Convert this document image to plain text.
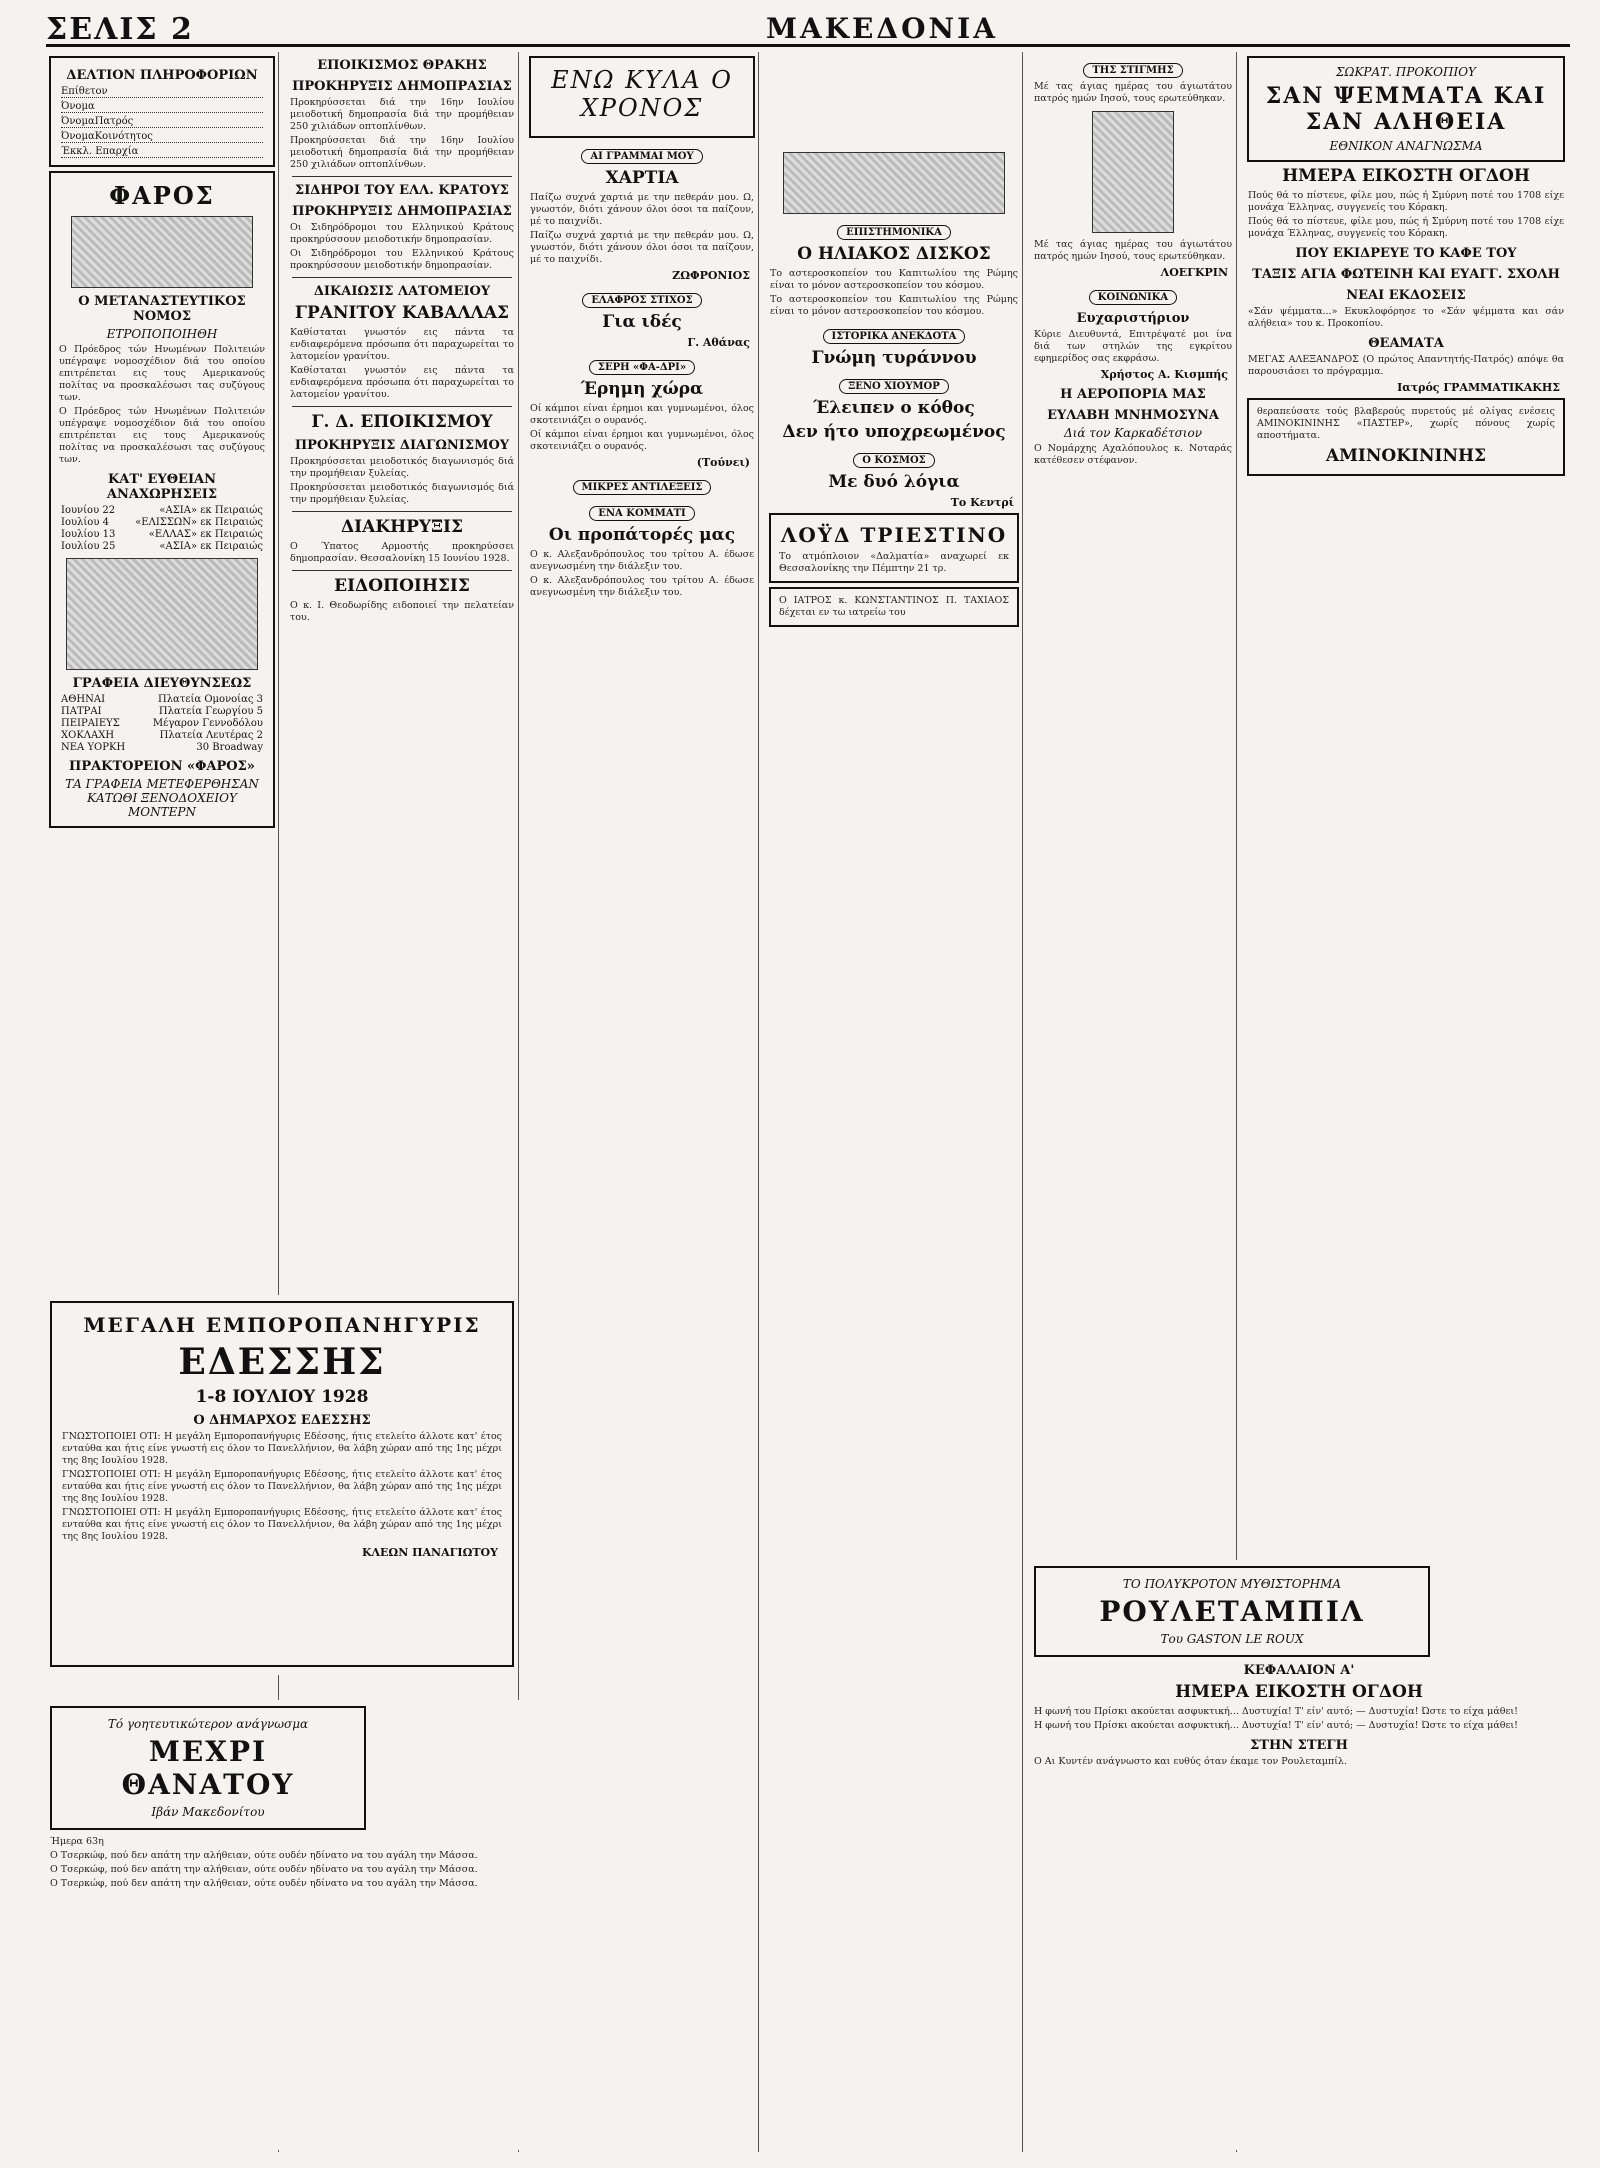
ΣΕΛΙΣ 2	ΜΑΚΕΔΟΝΙΑ
ΔΕΛΤΙΟΝ ΠΛΗΡΟΦΟΡΙΩΝ
Επίθετον
Όνομα
ΌνομαΠατρός
ΌνομαΚοινότητος
Έκκλ. Επαρχία
ΦΑΡΟΣ
Ο ΜΕΤΑΝΑΣΤΕΥΤΙΚΟΣ ΝΟΜΟΣ
ΕΤΡΟΠΟΠΟΙΗΘΗ
Ο Πρόεδρος τών Ηνωμένων Πολιτειών υπέγραψε νομοσχέδιον διά του οποίου επιτρέπεται εις τους Αμερικανούς πολίτας να προσκαλέσωσι τας συζύγους των.
Ο Πρόεδρος τών Ηνωμένων Πολιτειών υπέγραψε νομοσχέδιον διά του οποίου επιτρέπεται εις τους Αμερικανούς πολίτας να προσκαλέσωσι τας συζύγους των.
ΚΑΤ' ΕΥΘΕΙΑΝ ΑΝΑΧΩΡΗΣΕΙΣ
Ιουνίου 22	«ΑΣΙΑ» εκ Πειραιώς
Ιουλίου 4	«ΕΛΙΣΣΩΝ» εκ Πειραιώς
Ιουλίου 13	«ΕΛΛΑΣ» εκ Πειραιώς
Ιουλίου 25	«ΑΣΙΑ» εκ Πειραιώς
ΓΡΑΦΕΙΑ ΔΙΕΥΘΥΝΣΕΩΣ
ΑΘΗΝΑΙ	Πλατεία Ομονοίας 3
ΠΑΤΡΑΙ	Πλατεία Γεωργίου 5
ΠΕΙΡΑΙΕΥΣ	Μέγαρον Γεννοδόλου
ΧΟΚΛΑΧΗ	Πλατεία Λευτέρας 2
ΝΕΑ ΥΟΡΚΗ	30 Broadway
ΠΡΑΚΤΟΡΕΙΟΝ «ΦΑΡΟΣ»
ΤΑ ΓΡΑΦΕΙΑ ΜΕΤΕΦΕΡΘΗΣΑΝ ΚΑΤΩΘΙ ΞΕΝΟΔΟΧΕΙΟΥ ΜΟΝΤΕΡΝ
ΕΠΟΙΚΙΣΜΟΣ ΘΡΑΚΗΣ
ΠΡΟΚΗΡΥΞΙΣ ΔΗΜΟΠΡΑΣΙΑΣ
Προκηρύσσεται διά την 16ην Ιουλίου μειοδοτική δημοπρασία διά την προμήθειαν 250 χιλιάδων οπτοπλίνθων.
Προκηρύσσεται διά την 16ην Ιουλίου μειοδοτική δημοπρασία διά την προμήθειαν 250 χιλιάδων οπτοπλίνθων.
ΣΙΔΗΡΟΙ ΤΟΥ ΕΛΛ. ΚΡΑΤΟΥΣ
ΠΡΟΚΗΡΥΞΙΣ ΔΗΜΟΠΡΑΣΙΑΣ
Οι Σιδηρόδρομοι του Ελληνικού Κράτους προκηρύσσουν μειοδοτικήν δημοπρασίαν.
Οι Σιδηρόδρομοι του Ελληνικού Κράτους προκηρύσσουν μειοδοτικήν δημοπρασίαν.
ΔΙΚΑΙΩΣΙΣ ΛΑΤΟΜΕΙΟΥ
ΓΡΑΝΙΤΟΥ ΚΑΒΑΛΛΑΣ
Καθίσταται γνωστόν εις πάντα τα ενδιαφερόμενα πρόσωπα ότι παραχωρείται το λατομείον γρανίτου.
Καθίσταται γνωστόν εις πάντα τα ενδιαφερόμενα πρόσωπα ότι παραχωρείται το λατομείον γρανίτου.
Γ. Δ. ΕΠΟΙΚΙΣΜΟΥ
ΠΡΟΚΗΡΥΞΙΣ ΔΙΑΓΩΝΙΣΜΟΥ
Προκηρύσσεται μειοδοτικός διαγωνισμός διά την προμήθειαν ξυλείας.
Προκηρύσσεται μειοδοτικός διαγωνισμός διά την προμήθειαν ξυλείας.
ΔΙΑΚΗΡΥΞΙΣ
Ο Ύπατος Αρμοστής προκηρύσσει δημοπρασίαν. Θεσσαλονίκη 15 Ιουνίου 1928.
ΕΙΔΟΠΟΙΗΣΙΣ
Ο κ. Ι. Θεοδωρίδης ειδοποιεί την πελατείαν του.
ΕΝΩ ΚΥΛΑ Ο ΧΡΟΝΟΣ
ΑΙ ΓΡΑΜΜΑΙ ΜΟΥ
ΧΑΡΤΙΑ
Παίζω συχνά χαρτιά με την πεθεράν μου. Ω, γνωστόν, διότι χάνουν όλοι όσοι τα παίζουν, μέ το παιχνίδι.
Παίζω συχνά χαρτιά με την πεθεράν μου. Ω, γνωστόν, διότι χάνουν όλοι όσοι τα παίζουν, μέ το παιχνίδι.
ΖΩΦΡΟΝΙΟΣ
ΕΛΑΦΡΟΣ ΣΤΙΧΟΣ
Για ιδές
Γ. Αθάνας
ΣΕΡΗ «ΦΑ-ΔΡΙ»
Έρημη χώρα
Οί κάμποι είναι έρημοι και γυμνωμένοι, όλος σκοτεινιάζει ο ουρανός.
Οί κάμποι είναι έρημοι και γυμνωμένοι, όλος σκοτεινιάζει ο ουρανός.
(Τούνει)
ΜΙΚΡΕΣ ΑΝΤΙΛΕΞΕΙΣ
ΕΝΑ ΚΟΜΜΑΤΙ
Οι προπάτορές μας
Ο κ. Αλεξανδρόπουλος του τρίτου Α. έδωσε ανεγνωσμένη την διάλεξιν του.
Ο κ. Αλεξανδρόπουλος του τρίτου Α. έδωσε ανεγνωσμένη την διάλεξιν του.
ΕΠΙΣΤΗΜΟΝΙΚΑ
Ο ΗΛΙΑΚΟΣ ΔΙΣΚΟΣ
Το αστεροσκοπείον του Καπιτωλίου της Ρώμης είναι το μόνον αστεροσκοπείον του κόσμου.
Το αστεροσκοπείον του Καπιτωλίου της Ρώμης είναι το μόνον αστεροσκοπείον του κόσμου.
ΙΣΤΟΡΙΚΑ ΑΝΕΚΔΟΤΑ
Γνώμη τυράννου
ΞΕΝΟ ΧΙΟΥΜΟΡ
Έλειπεν ο κόθος
Δεν ήτο υποχρεωμένος
Ο ΚΟΣΜΟΣ
Με δυό λόγια
Το Κεντρί
ΛΟΫΔ ΤΡΙΕΣΤΙΝΟ
Το ατμόπλοιον «Δαλματία» αναχωρεί εκ Θεσσαλονίκης την Πέμπτην 21 τρ.
Ο ΙΑΤΡΟΣ κ. ΚΩΝΣΤΑΝΤΙΝΟΣ Π. ΤΑΧΙΑΟΣ δέχεται εν τω ιατρείω του
ΤΗΣ ΣΤΙΓΜΗΣ
Μέ τας άγιας ημέρας του άγιωτάτου πατρός ημών Ιησού, τους ερωτεύθηκαν.
Μέ τας άγιας ημέρας του άγιωτάτου πατρός ημών Ιησού, τους ερωτεύθηκαν.
ΛΟΕΓΚΡΙΝ
ΚΟΙΝΩΝΙΚΑ
Ευχαριστήριον
Κύριε Διευθυντά, Επιτρέψατέ μοι ίνα διά των στηλών της εγκρίτου εφημερίδος σας εκφράσω.
Χρήστος Α. Κισμπής
Η ΑΕΡΟΠΟΡΙΑ ΜΑΣ
ΕΥΛΑΒΗ ΜΝΗΜΟΣΥΝΑ
Διά τον Καρκαδέτσιον
Ο Νομάρχης Αχαλόπουλος κ. Νοταράς κατέθεσεν στέφανον.
ΣΩΚΡΑΤ. ΠΡΟΚΟΠΙΟΥ
ΣΑΝ ΨΕΜΜΑΤΑ ΚΑΙ ΣΑΝ ΑΛΗΘΕΙΑ
ΕΘΝΙΚΟΝ ΑΝΑΓΝΩΣΜΑ
ΗΜΕΡΑ ΕΙΚΟΣΤΗ ΟΓΔΟΗ
Πούς θά το πίστευε, φίλε μου, πώς ή Σμύρνη ποτέ του 1708 είχε μονάχα Έλληνας, συγγενείς του Κόρακη.
Πούς θά το πίστευε, φίλε μου, πώς ή Σμύρνη ποτέ του 1708 είχε μονάχα Έλληνας, συγγενείς του Κόρακη.
ΠΟΥ ΕΚΙΔΡΕΥΕ ΤΟ ΚΑΦΕ ΤΟΥ
ΤΑΞΙΣ ΑΓΙΑ ΦΩΤΕΙΝΗ ΚΑΙ ΕΥΑΓΓ. ΣΧΟΛΗ
ΝΕΑΙ ΕΚΔΟΣΕΙΣ
«Σάν ψέμματα...» Εκυκλοφόρησε το «Σάν ψέμματα και σάν αλήθεια» του κ. Προκοπίου.
ΘΕΑΜΑΤΑ
ΜΕΓΑΣ ΑΛΕΞΑΝΔΡΟΣ (Ο πρώτος Απαντητής-Πατρός) απόψε θα παρουσιάσει το πρόγραμμα.
Ιατρός ΓΡΑΜΜΑΤΙΚΑΚΗΣ
θεραπεύσατε τούς βλαβερούς πυρετούς μέ ολίγας ενέσεις ΑΜΙΝΟΚΙΝΙΝΗΣ «ΠΑΣΤΕΡ», χωρίς πόνους χωρίς αποστήματα.
ΑΜΙΝΟΚΙΝΙΝΗΣ
ΜΕΓΑΛΗ ΕΜΠΟΡΟΠΑΝΗΓΥΡΙΣ
ΕΔΕΣΣΗΣ
1-8 ΙΟΥΛΙΟΥ 1928
Ο ΔΗΜΑΡΧΟΣ ΕΔΕΣΣΗΣ
ΓΝΩΣΤΟΠΟΙΕΙ ΟΤΙ: Η μεγάλη Εμποροπανήγυρις Εδέσσης, ήτις ετελείτο άλλοτε κατ' έτος ενταύθα και ήτις είνε γνωστή εις όλον το Πανελλήνιον, θα λάβη χώραν από της 1ης μέχρι της 8ης Ιουλίου 1928.
ΓΝΩΣΤΟΠΟΙΕΙ ΟΤΙ: Η μεγάλη Εμποροπανήγυρις Εδέσσης, ήτις ετελείτο άλλοτε κατ' έτος ενταύθα και ήτις είνε γνωστή εις όλον το Πανελλήνιον, θα λάβη χώραν από της 1ης μέχρι της 8ης Ιουλίου 1928.
ΓΝΩΣΤΟΠΟΙΕΙ ΟΤΙ: Η μεγάλη Εμποροπανήγυρις Εδέσσης, ήτις ετελείτο άλλοτε κατ' έτος ενταύθα και ήτις είνε γνωστή εις όλον το Πανελλήνιον, θα λάβη χώραν από της 1ης μέχρι της 8ης Ιουλίου 1928.
ΚΛΕΩΝ ΠΑΝΑΓΙΩΤΟΥ
Τό γοητευτικώτερον ανάγνωσμα
ΜΕΧΡΙ ΘΑΝΑΤΟΥ
Ιβάν Μακεδονίτου
Ήμερα 63η
Ο Τσερκώφ, πού δεν απάτη την αλήθειαν, ούτε ουδέν ηδίνατο να του αγάλη την Μάσσα.
Ο Τσερκώφ, πού δεν απάτη την αλήθειαν, ούτε ουδέν ηδίνατο να του αγάλη την Μάσσα.
Ο Τσερκώφ, πού δεν απάτη την αλήθειαν, ούτε ουδέν ηδίνατο να του αγάλη την Μάσσα.
ΤΟ ΠΟΛΥΚΡΟΤΟΝ ΜΥΘΙΣΤΟΡΗΜΑ
ΡΟΥΛΕΤΑΜΠΙΛ
Του GASTON LE ROUX
ΚΕΦΑΛΑΙΟΝ Α'
ΗΜΕΡΑ ΕΙΚΟΣΤΗ ΟΓΔΟΗ
Η φωνή του Πρίσκι ακούεται ασφυκτική... Δυστυχία! Τ' είν' αυτό; — Δυστυχία! Ώστε το είχα μάθει!
Η φωνή του Πρίσκι ακούεται ασφυκτική... Δυστυχία! Τ' είν' αυτό; — Δυστυχία! Ώστε το είχα μάθει!
ΣΤΗΝ ΣΤΕΓΗ
Ο Αι Κυντέν ανάγνωστο και ευθύς όταν έκαμε τον Ρουλεταμπίλ.
